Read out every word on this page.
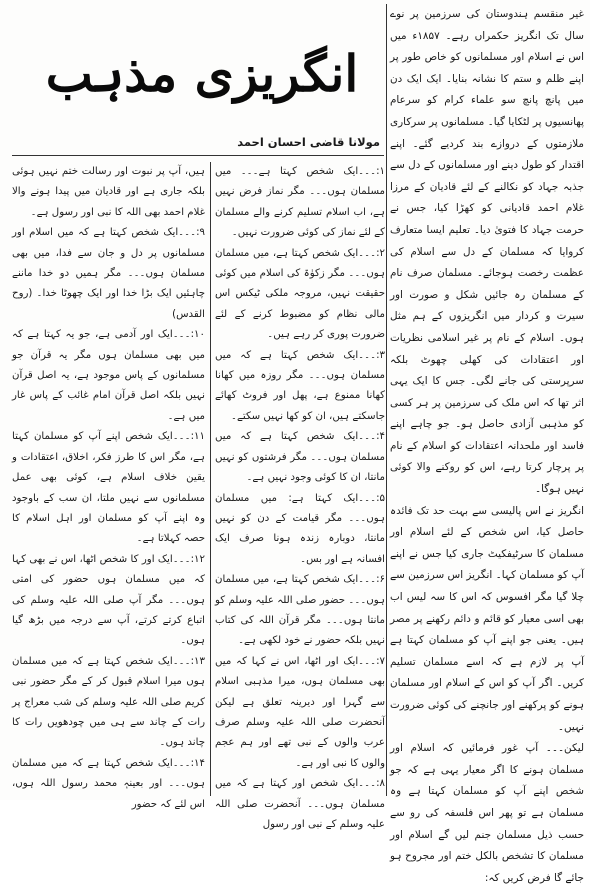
غیر منقسم ہندوستان کی سرزمین پر نوے سال تک انگریز حکمراں رہے۔ ۱۸۵۷ء میں اس نے اسلام اور مسلمانوں کو خاص طور پر اپنے ظلم و ستم کا نشانہ بنایا۔ ایک ایک دن میں پانچ پانچ سو علماء کرام کو سرعام پھانسیوں پر لٹکایا گیا۔ مسلمانوں پر سرکاری ملازمتوں کے دروازے بند کردیے گئے۔ اپنے اقتدار کو طول دینے اور مسلمانوں کے دل سے جذبہ جہاد کو نکالنے کے لئے قادیان کے مرزا غلام احمد قادیانی کو کھڑا کیا، جس نے حرمت جہاد کا فتویٰ دیا۔ تعلیم ایسا متعارف کروایا کہ مسلمان کے دل سے اسلام کی عظمت رخصت ہوجائے۔ مسلمان صرف نام کے مسلمان رہ جائیں شکل و صورت اور سیرت و کردار میں انگریزوں کے ہم مثل ہوں۔ اسلام کے نام پر غیر اسلامی نظریات اور اعتقادات کی کھلی چھوٹ بلکہ سرپرستی کی جانے لگی۔ جس کا ایک یہی اثر تھا کہ اس ملک کی سرزمین پر ہر کسی کو مذہبی آزادی حاصل ہو۔ جو چاہے اپنے فاسد اور ملحدانہ اعتقادات کو اسلام کے نام پر پرچار کرتا رہے، اس کو روکنے والا کوئی نہیں ہوگا۔

انگریز نے اس پالیسی سے بہت حد تک فائدہ حاصل کیا، اس شخص کے لئے اسلام اور مسلمان کا سرٹیفکیٹ جاری کیا جس نے اپنے آپ کو مسلمان کہا۔ انگریز اس سرزمین سے چلا گیا مگر افسوس کہ اس کا سہ لیس اب بھی اسی معیار کو قائم و دائم رکھنے پر مصر ہیں۔ یعنی جو اپنے آپ کو مسلمان کہتا ہے آپ پر لازم ہے کہ اسے مسلمان تسلیم کریں۔ اگر آپ کو اس کے اسلام اور مسلمان ہونے کو پرکھنے اور جانچنے کی کوئی ضرورت نہیں۔

لیکن۔۔۔ آپ غور فرمائیں کہ اسلام اور مسلمان ہونے کا اگر معیار یہی ہے کہ جو شخص اپنے آپ کو مسلمان کہتا ہے وہ مسلمان ہے تو پھر اس فلسفہ کی رو سے حسب ذیل مسلمان جنم لیں گے اسلام اور مسلمان کا تشخص بالکل ختم اور مجروح ہو جائے گا فرض کریں کہ:

انگریزی مذہب
مولانا قاضی احسان احمد

۱:۔۔۔ایک شخص کہتا ہے۔۔۔ میں مسلمان ہوں۔۔۔ مگر نماز فرض نہیں ہے، اب اسلام تسلیم کرنے والے مسلمان کے لئے نماز کی کوئی ضرورت نہیں۔

۲:۔۔۔ایک شخص کہتا ہے، میں مسلمان ہوں۔۔۔ مگر زکوٰۃ کی اسلام میں کوئی حقیقت نہیں، مروجہ ملکی ٹیکس اس مالی نظام کو مضبوط کرنے کے لئے ضرورت پوری کر رہے ہیں۔

۳:۔۔۔ایک شخص کہتا ہے کہ میں مسلمان ہوں۔۔۔ مگر روزہ میں کھانا کھانا ممنوع ہے، پھل اور فروٹ کھائے جاسکتے ہیں، ان کو کھا نہیں سکتے۔

۴:۔۔۔ایک شخص کہتا ہے کہ میں مسلمان ہوں۔۔۔ مگر فرشتوں کو نہیں مانتا، ان کا کوئی وجود نہیں ہے۔

۵:۔۔۔ایک کہتا ہے: میں مسلمان ہوں۔۔۔ مگر قیامت کے دن کو نہیں مانتا، دوبارہ زندہ ہونا صرف ایک افسانہ ہے اور بس۔

۶:۔۔۔ایک شخص کہتا ہے، میں مسلمان ہوں۔۔۔ حضور صلی اللہ علیہ وسلم کو مانتا ہوں۔۔۔ مگر قرآن اللہ کی کتاب نہیں بلکہ حضور نے خود لکھی ہے۔

۷:۔۔۔ایک اور اٹھا، اس نے کہا کہ میں بھی مسلمان ہوں، میرا مذہبی اسلام سے گہرا اور دیرینہ تعلق ہے لیکن آنحضرت صلی اللہ علیہ وسلم صرف عرب والوں کے نبی تھے اور ہم عجم والوں کا نبی اور ہے۔

۸:۔۔۔ایک شخص اور کہتا ہے کہ میں مسلمان ہوں۔۔۔ آنحضرت صلی اللہ علیہ وسلم کے نبی اور رسول

ہیں، آپ پر نبوت اور رسالت ختم نہیں ہوئی بلکہ جاری ہے اور قادیان میں پیدا ہونے والا غلام احمد بھی اللہ کا نبی اور رسول ہے۔

۹:۔۔۔ایک شخص کہتا ہے کہ میں اسلام اور مسلمانوں پر دل و جان سے فدا، میں بھی مسلمان ہوں۔۔۔ مگر ہمیں دو خدا ماننے چاہئیں ایک بڑا خدا اور ایک چھوٹا خدا۔ (روح القدس)

۱۰:۔۔۔ایک اور آدمی ہے، جو یہ کہتا ہے کہ میں بھی مسلمان ہوں مگر یہ قرآن جو مسلمانوں کے پاس موجود ہے، یہ اصل قرآن نہیں بلکہ اصل قرآن امام غائب کے پاس غار میں ہے۔

۱۱:۔۔۔ایک شخص اپنے آپ کو مسلمان کہتا ہے، مگر اس کا طرز فکر، اخلاق، اعتقادات و یقین خلاف اسلام ہے، کوئی بھی عمل مسلمانوں سے نہیں ملتا، ان سب کے باوجود وہ اپنے آپ کو مسلمان اور اہل اسلام کا حصہ کہلاتا ہے۔

۱۲:۔۔۔ایک اور کا شخص اٹھا، اس نے بھی کہا کہ میں مسلمان ہوں حضور کی امتی ہوں۔۔۔ مگر آپ صلی اللہ علیہ وسلم کی اتباع کرتے کرتے، آپ سے درجہ میں بڑھ گیا ہوں۔

۱۳:۔۔۔ایک شخص کہتا ہے کہ میں مسلمان ہوں میرا اسلام قبول کر کے مگر حضور نبی کریم صلی اللہ علیہ وسلم کی شب معراج پر رات کے چاند سے ہی میں چودھویں رات کا چاند ہوں۔

۱۴:۔۔۔ایک شخص کہتا ہے کہ میں مسلمان ہوں۔۔۔ اور بعینہٖ محمد رسول اللہ ہوں، اس لئے کہ حضور
